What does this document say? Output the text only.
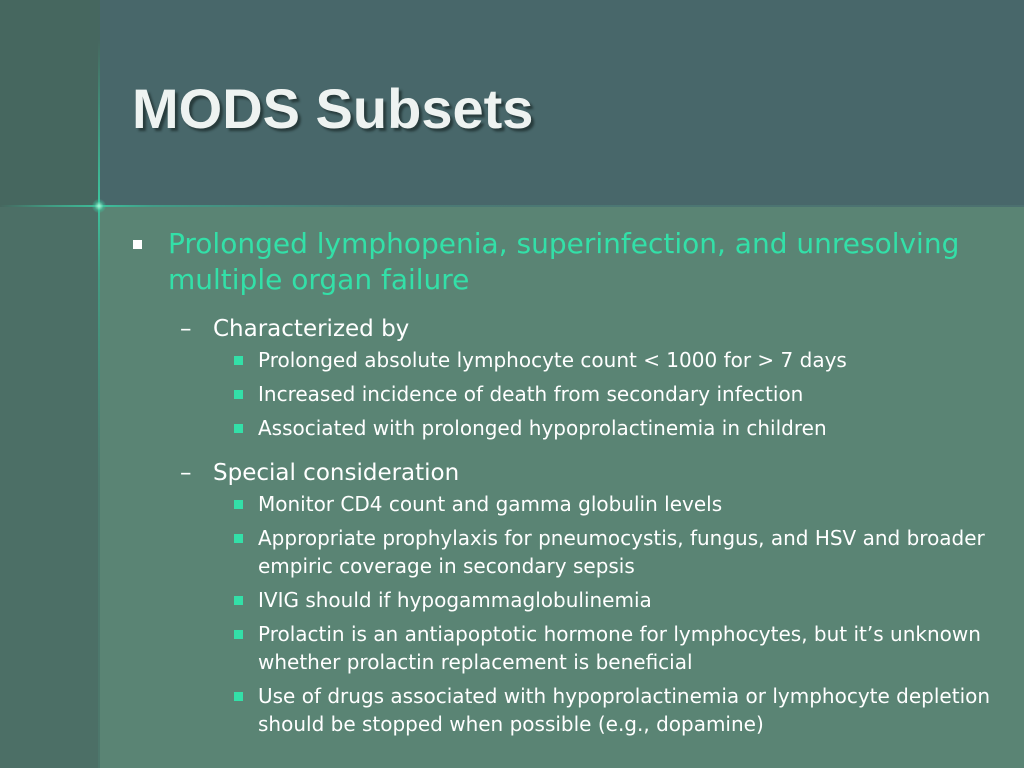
MODS Subsets
Prolonged lymphopenia, superinfection, and unresolving multiple organ failure
– Characterized by
Prolonged absolute lymphocyte count < 1000 for > 7 days
Increased incidence of death from secondary infection
Associated with prolonged hypoprolactinemia in children
– Special consideration
Monitor CD4 count and gamma globulin levels
Appropriate prophylaxis for pneumocystis, fungus, and HSV and broader empiric coverage in secondary sepsis
IVIG should if hypogammaglobulinemia
Prolactin is an antiapoptotic hormone for lymphocytes, but it’s unknown whether prolactin replacement is beneficial
Use of drugs associated with hypoprolactinemia or lymphocyte depletion should be stopped when possible (e.g., dopamine)
